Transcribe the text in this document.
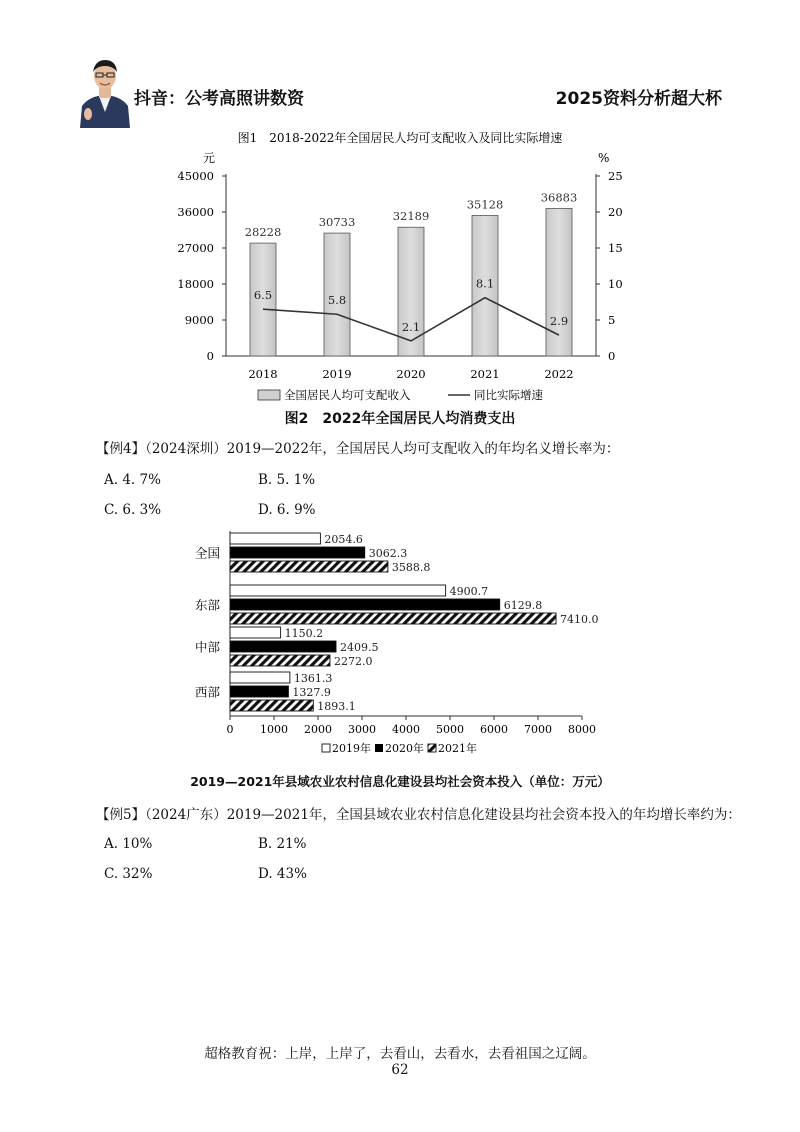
抖音：公考高照讲数资	2025资料分析超大杯
图1　2018-2022年全国居民人均可支配收入及同比实际增速
元	%
0
9000
18000
27000
36000
45000
0
5
10
15
20
25
28228
30733	32189
35128
36883
6.5	5.8
2.1
8.1
2.9
2018	2019	2020	2021	2022
全国居民人均可支配收入	同比实际增速
图2　2022年全国居民人均消费支出
【例4】（2024深圳）2019—2022年，全国居民人均可支配收入的年均名义增长率为：
A. 4. 7%	B. 5. 1%
C. 6. 3%	D. 6. 9%
全国
东部
中部
西部
2054.6
3062.3
3588.8
4900.7
6129.8
7410.0
1150.2
2409.5
2272.0
1361.3
1327.9
1893.1
0 1000 2000 3000 4000 5000 6000 7000 8000
2019年 2020年 2021年
2019—2021年县域农业农村信息化建设县均社会资本投入（单位：万元）
【例5】（2024广东）2019—2021年，全国县域农业农村信息化建设县均社会资本投入的年均增长率约为：
A. 10%	B. 21%
C. 32%	D. 43%
超格教育祝：上岸，上岸了，去看山，去看水，去看祖国之辽阔。
62
